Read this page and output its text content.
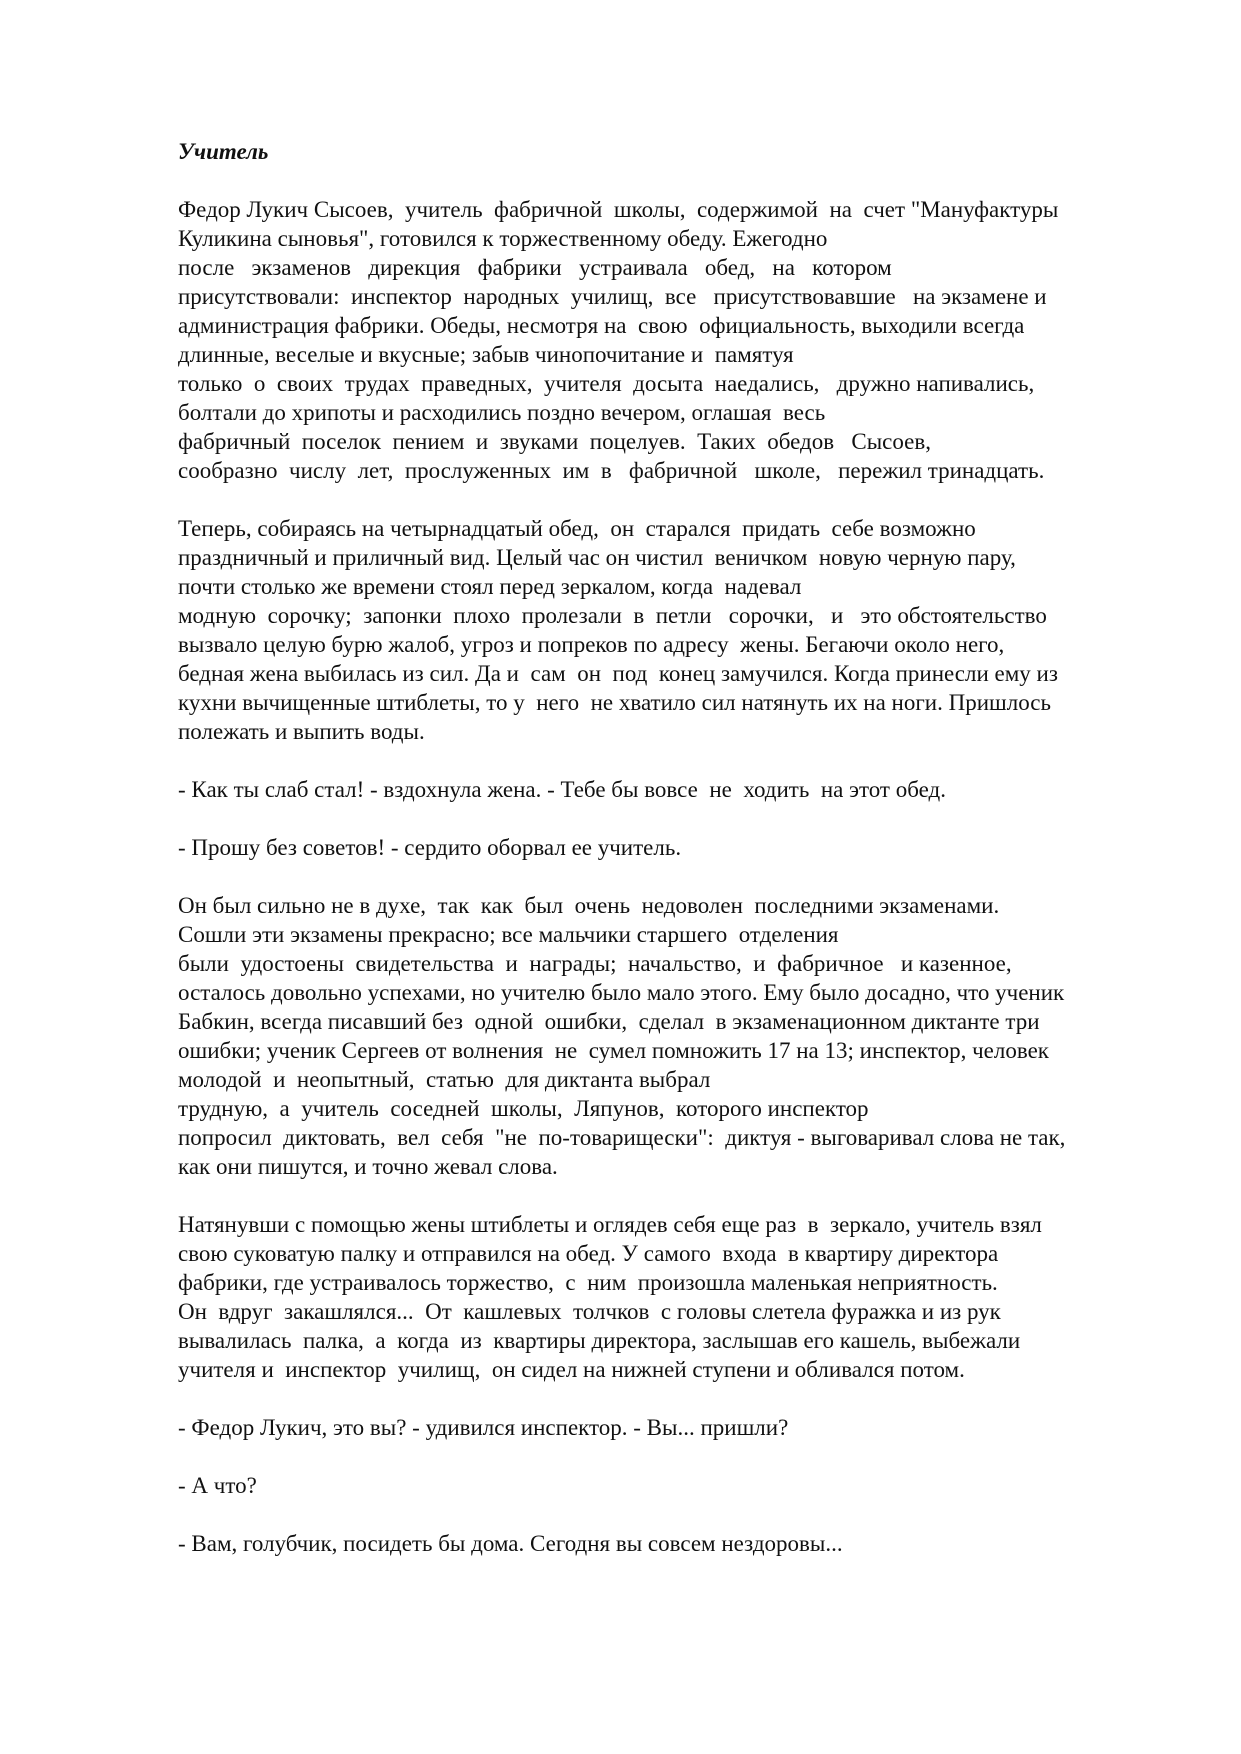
Учитель
Федор Лукич Сысоев,  учитель  фабричной  школы,  содержимой  на  счет "Мануфактуры
Куликина сыновья", готовился к торжественному обеду. Ежегодно
после   экзаменов   дирекция   фабрики   устраивала   обед,   на   котором
присутствовали:  инспектор  народных  училищ,  все   присутствовавшие   на экзамене и
администрация фабрики. Обеды, несмотря на  свою  официальность, выходили всегда
длинные, веселые и вкусные; забыв чинопочитание и  памятуя
только  о  своих  трудах  праведных,  учителя  досыта  наедались,   дружно напивались,
болтали до хрипоты и расходились поздно вечером, оглашая  весь
фабричный  поселок  пением  и  звуками  поцелуев.  Таких  обедов   Сысоев,
сообразно  числу  лет,  прослуженных  им  в   фабричной   школе,   пережил тринадцать.
Теперь, собираясь на четырнадцатый обед,  он  старался  придать  себе возможно
праздничный и приличный вид. Целый час он чистил  веничком  новую черную пару,
почти столько же времени стоял перед зеркалом, когда  надевал
модную  сорочку;  запонки  плохо  пролезали  в  петли   сорочки,   и   это обстоятельство
вызвало целую бурю жалоб, угроз и попреков по адресу  жены. Бегаючи около него,
бедная жена выбилась из сил. Да и  сам  он  под  конец замучился. Когда принесли ему из
кухни вычищенные штиблеты, то у  него  не хватило сил натянуть их на ноги. Пришлось
полежать и выпить воды.
- Как ты слаб стал! - вздохнула жена. - Тебе бы вовсе  не  ходить  на этот обед.
- Прошу без советов! - сердито оборвал ее учитель.
Он был сильно не в духе,  так  как  был  очень  недоволен  последними экзаменами.
Сошли эти экзамены прекрасно; все мальчики старшего  отделения
были  удостоены  свидетельства  и  награды;  начальство,  и  фабричное   и казенное,
осталось довольно успехами, но учителю было мало этого. Ему было досадно, что ученик
Бабкин, всегда писавший без  одной  ошибки,  сделал  в экзаменационном диктанте три
ошибки; ученик Сергеев от волнения  не  сумел помножить 17 на 13; инспектор, человек
молодой  и  неопытный,  статью  для диктанта выбрал
трудную,  а  учитель  соседней  школы,  Ляпунов,  которого инспектор
попросил  диктовать,  вел  себя  "не  по-товарищески":  диктуя - выговаривал слова не так,
как они пишутся, и точно жевал слова.
Натянувши с помощью жены штиблеты и оглядев себя еще раз  в  зеркало, учитель взял
свою суковатую палку и отправился на обед. У самого  входа  в квартиру директора
фабрики, где устраивалось торжество,  с  ним  произошла маленькая неприятность.
Он  вдруг  закашлялся...  От  кашлевых  толчков  с головы слетела фуражка и из рук
вывалилась  палка,  а  когда  из  квартиры директора, заслышав его кашель, выбежали
учителя и  инспектор  училищ,  он сидел на нижней ступени и обливался потом.
- Федор Лукич, это вы? - удивился инспектор. - Вы... пришли?
- А что?
- Вам, голубчик, посидеть бы дома. Сегодня вы совсем нездоровы...
